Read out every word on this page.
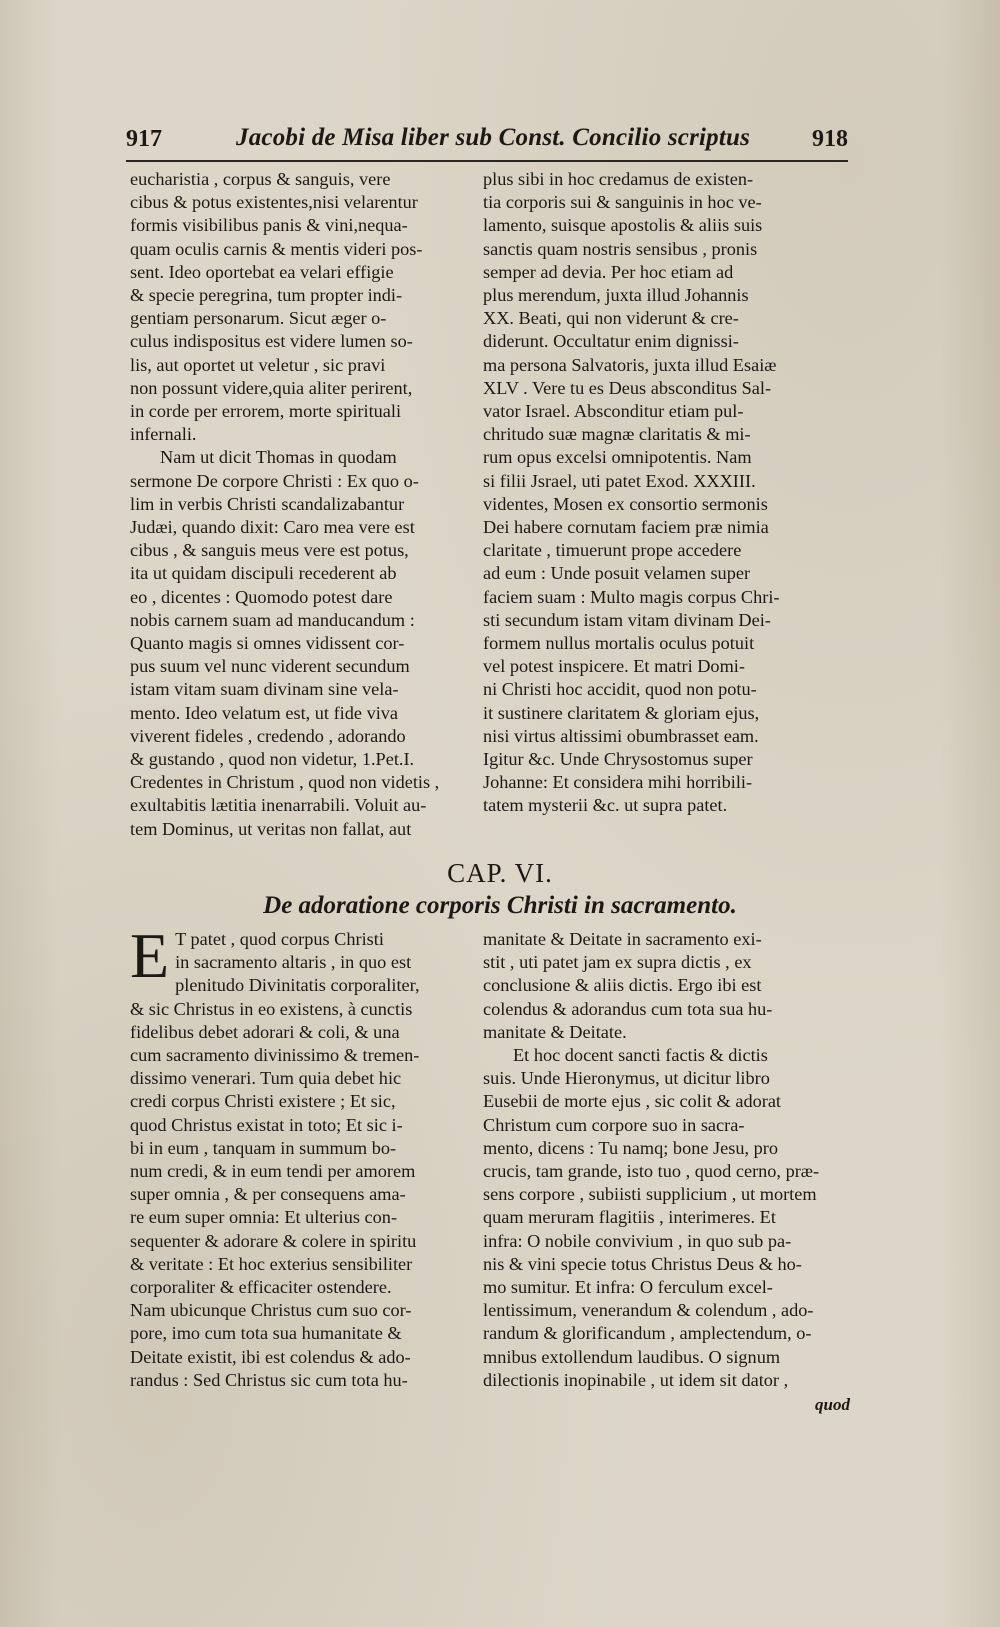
917	Jacobi de Misa liber sub Const. Concilio scriptus	918
eucharistia , corpus & sanguis, vere
cibus & potus existentes,nisi velarentur
formis visibilibus panis & vini,nequa-
quam oculis carnis & mentis videri pos-
sent. Ideo oportebat ea velari effigie
& specie peregrina, tum propter indi-
gentiam personarum. Sicut æger o-
culus indispositus est videre lumen so-
lis, aut oportet ut veletur , sic pravi
non possunt videre,quia aliter perirent,
in corde per errorem, morte spirituali
infernali.
Nam ut dicit Thomas in quodam
sermone De corpore Christi : Ex quo o-
lim in verbis Christi scandalizabantur
Judæi, quando dixit: Caro mea vere est
cibus , & sanguis meus vere est potus,
ita ut quidam discipuli recederent ab
eo , dicentes : Quomodo potest dare
nobis carnem suam ad manducandum :
Quanto magis si omnes vidissent cor-
pus suum vel nunc viderent secundum
istam vitam suam divinam sine vela-
mento. Ideo velatum est, ut fide viva
viverent fideles , credendo , adorando
& gustando , quod non videtur, 1.Pet.I.
Credentes in Christum , quod non videtis ,
exultabitis lætitia inenarrabili. Voluit au-
tem Dominus, ut veritas non fallat, aut
plus sibi in hoc credamus de existen-
tia corporis sui & sanguinis in hoc ve-
lamento, suisque apostolis & aliis suis
sanctis quam nostris sensibus , pronis
semper ad devia. Per hoc etiam ad
plus merendum, juxta illud Johannis
XX. Beati, qui non viderunt & cre-
diderunt. Occultatur enim dignissi-
ma persona Salvatoris, juxta illud Esaiæ
XLV . Vere tu es Deus absconditus Sal-
vator Israel. Absconditur etiam pul-
chritudo suæ magnæ claritatis & mi-
rum opus excelsi omnipotentis. Nam
si filii Jsrael, uti patet Exod. XXXIII.
videntes, Mosen ex consortio sermonis
Dei habere cornutam faciem præ nimia
claritate , timuerunt prope accedere
ad eum : Unde posuit velamen super
faciem suam : Multo magis corpus Chri-
sti secundum istam vitam divinam Dei-
formem nullus mortalis oculus potuit
vel potest inspicere. Et matri Domi-
ni Christi hoc accidit, quod non potu-
it sustinere claritatem & gloriam ejus,
nisi virtus altissimi obumbrasset eam.
Igitur &c. Unde Chrysostomus super
Johanne: Et considera mihi horribili-
tatem mysterii &c. ut supra patet.
CAP. VI.
De adoratione corporis Christi in sacramento.
E T patet , quod corpus Christi
in sacramento altaris , in quo est
plenitudo Divinitatis corporaliter,
& sic Christus in eo existens, à cunctis
fidelibus debet adorari & coli, & una
cum sacramento divinissimo & tremen-
dissimo venerari. Tum quia debet hic
credi corpus Christi existere ; Et sic,
quod Christus existat in toto; Et sic i-
bi in eum , tanquam in summum bo-
num credi, & in eum tendi per amorem
super omnia , & per consequens ama-
re eum super omnia: Et ulterius con-
sequenter & adorare & colere in spiritu
& veritate : Et hoc exterius sensibiliter
corporaliter & efficaciter ostendere.
Nam ubicunque Christus cum suo cor-
pore, imo cum tota sua humanitate &
Deitate existit, ibi est colendus & ado-
randus : Sed Christus sic cum tota hu-
manitate & Deitate in sacramento exi-
stit , uti patet jam ex supra dictis , ex
conclusione & aliis dictis. Ergo ibi est
colendus & adorandus cum tota sua hu-
manitate & Deitate.
Et hoc docent sancti factis & dictis
suis. Unde Hieronymus, ut dicitur libro
Eusebii de morte ejus , sic colit & adorat
Christum cum corpore suo in sacra-
mento, dicens : Tu namq; bone Jesu, pro
crucis, tam grande, isto tuo , quod cerno, præ-
sens corpore , subiisti supplicium , ut mortem
quam meruram flagitiis , interimeres. Et
infra: O nobile convivium , in quo sub pa-
nis & vini specie totus Christus Deus & ho-
mo sumitur. Et infra: O ferculum excel-
lentissimum, venerandum & colendum , ado-
randum & glorificandum , amplectendum, o-
mnibus extollendum laudibus. O signum
dilectionis inopinabile , ut idem sit dator ,
quod
